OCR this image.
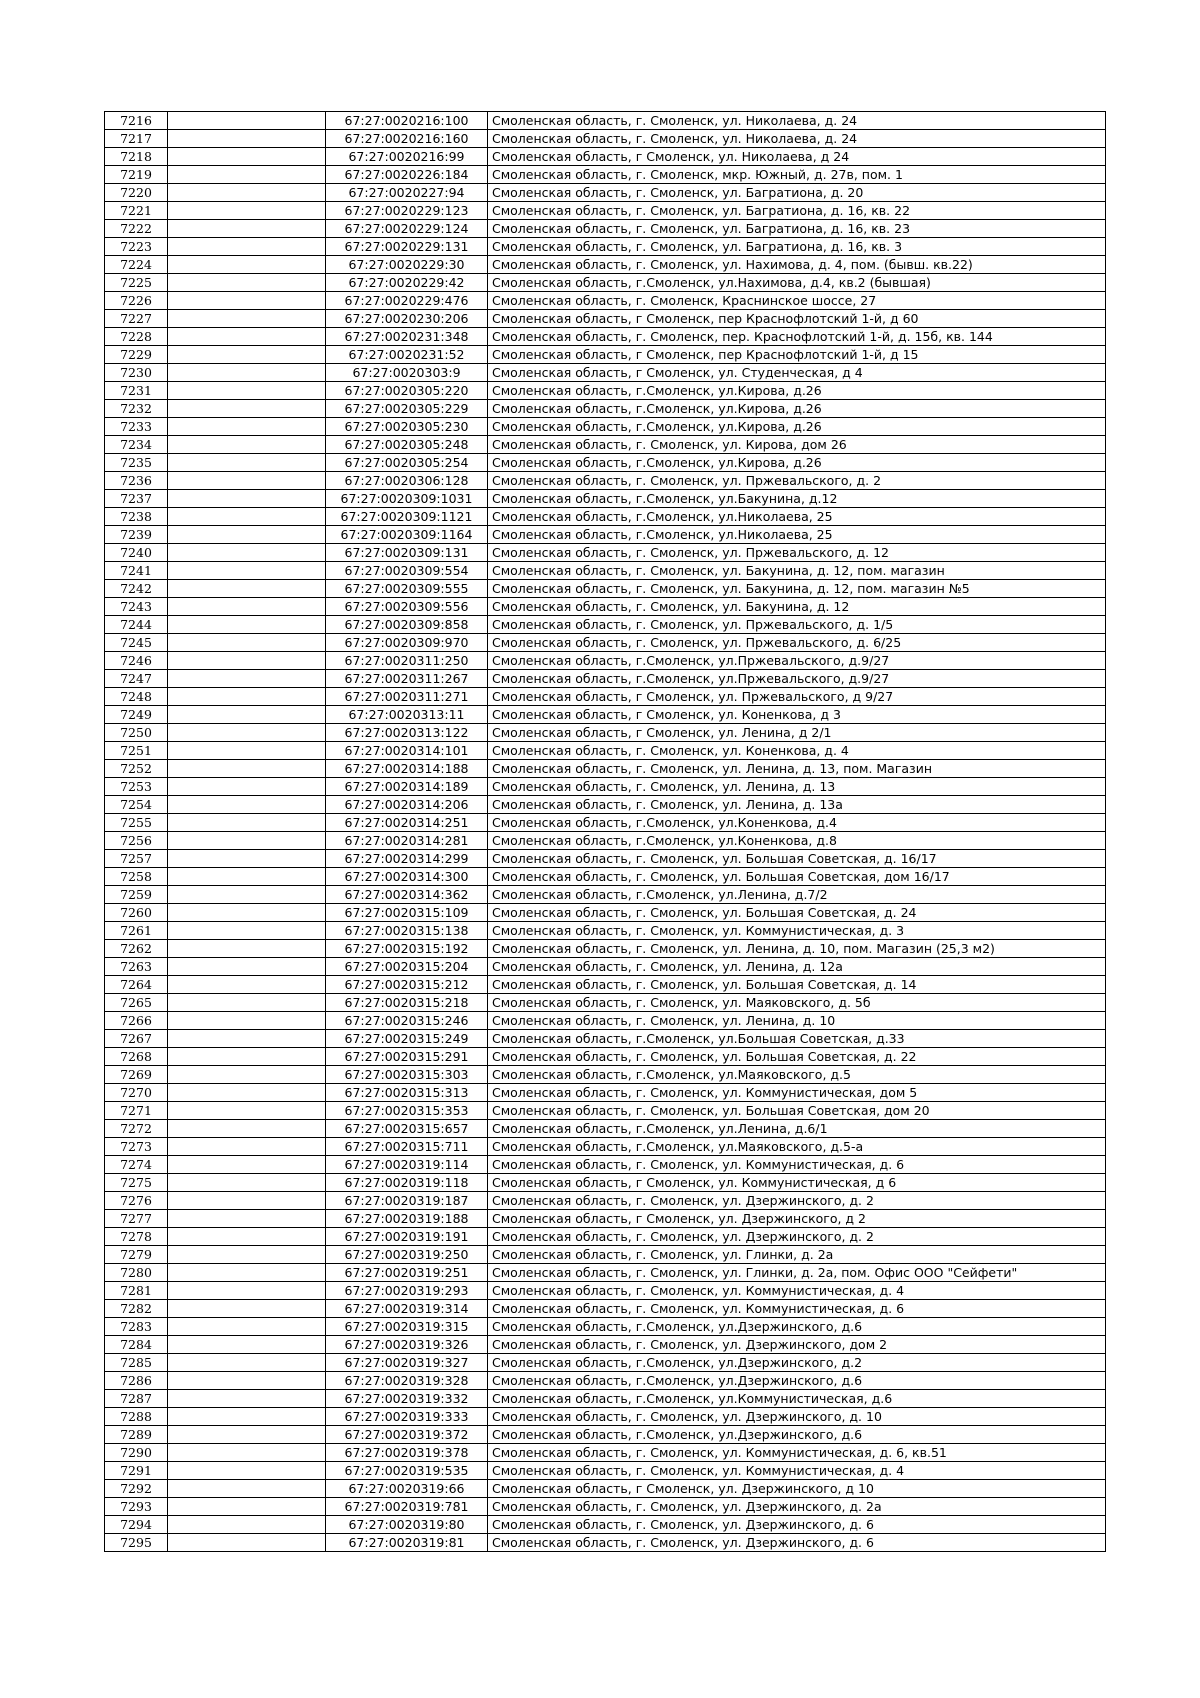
7216		67:27:0020216:100	Смоленская область, г. Смоленск, ул. Николаева, д. 24
7217		67:27:0020216:160	Смоленская область, г. Смоленск, ул. Николаева, д. 24
7218		67:27:0020216:99	Смоленская область, г Смоленск, ул. Николаева, д 24
7219		67:27:0020226:184	Смоленская область, г. Смоленск, мкр. Южный, д. 27в, пом. 1
7220		67:27:0020227:94	Смоленская область, г. Смоленск, ул. Багратиона, д. 20
7221		67:27:0020229:123	Смоленская область, г. Смоленск, ул. Багратиона, д. 16, кв. 22
7222		67:27:0020229:124	Смоленская область, г. Смоленск, ул. Багратиона, д. 16, кв. 23
7223		67:27:0020229:131	Смоленская область, г. Смоленск, ул. Багратиона, д. 16, кв. 3
7224		67:27:0020229:30	Смоленская область, г. Смоленск, ул. Нахимова, д. 4, пом. (бывш. кв.22)
7225		67:27:0020229:42	Смоленская область, г.Смоленск, ул.Нахимова, д.4, кв.2 (бывшая)
7226		67:27:0020229:476	Смоленская область, г. Смоленск, Краснинское шоссе, 27
7227		67:27:0020230:206	Смоленская область, г Смоленск, пер Краснофлотский 1-й, д 60
7228		67:27:0020231:348	Смоленская область, г. Смоленск, пер. Краснофлотский 1-й, д. 15б, кв. 144
7229		67:27:0020231:52	Смоленская область, г Смоленск, пер Краснофлотский 1-й, д 15
7230		67:27:0020303:9	Смоленская область, г Смоленск, ул. Студенческая, д 4
7231		67:27:0020305:220	Смоленская область, г.Смоленск, ул.Кирова, д.26
7232		67:27:0020305:229	Смоленская область, г.Смоленск, ул.Кирова, д.26
7233		67:27:0020305:230	Смоленская область, г.Смоленск, ул.Кирова, д.26
7234		67:27:0020305:248	Смоленская область, г. Смоленск, ул. Кирова, дом 26
7235		67:27:0020305:254	Смоленская область, г.Смоленск, ул.Кирова, д.26
7236		67:27:0020306:128	Смоленская область, г. Смоленск, ул. Пржевальского, д. 2
7237		67:27:0020309:1031	Смоленская область, г.Смоленск, ул.Бакунина, д.12
7238		67:27:0020309:1121	Смоленская область, г.Смоленск, ул.Николаева, 25
7239		67:27:0020309:1164	Смоленская область, г.Смоленск, ул.Николаева, 25
7240		67:27:0020309:131	Смоленская область, г. Смоленск, ул. Пржевальского, д. 12
7241		67:27:0020309:554	Смоленская область, г. Смоленск, ул. Бакунина, д. 12, пом. магазин
7242		67:27:0020309:555	Смоленская область, г. Смоленск, ул. Бакунина, д. 12, пом. магазин №5
7243		67:27:0020309:556	Смоленская область, г. Смоленск, ул. Бакунина, д. 12
7244		67:27:0020309:858	Смоленская область, г. Смоленск, ул. Пржевальского, д. 1/5
7245		67:27:0020309:970	Смоленская область, г. Смоленск, ул. Пржевальского, д. 6/25
7246		67:27:0020311:250	Смоленская область, г.Смоленск, ул.Пржевальского, д.9/27
7247		67:27:0020311:267	Смоленская область, г.Смоленск, ул.Пржевальского, д.9/27
7248		67:27:0020311:271	Смоленская область, г Смоленск, ул. Пржевальского, д 9/27
7249		67:27:0020313:11	Смоленская область, г Смоленск, ул. Коненкова, д 3
7250		67:27:0020313:122	Смоленская область, г Смоленск, ул. Ленина, д 2/1
7251		67:27:0020314:101	Смоленская область, г. Смоленск, ул. Коненкова, д. 4
7252		67:27:0020314:188	Смоленская область, г. Смоленск, ул. Ленина, д. 13, пом. Магазин
7253		67:27:0020314:189	Смоленская область, г. Смоленск, ул. Ленина, д. 13
7254		67:27:0020314:206	Смоленская область, г. Смоленск, ул. Ленина, д. 13а
7255		67:27:0020314:251	Смоленская область, г.Смоленск, ул.Коненкова, д.4
7256		67:27:0020314:281	Смоленская область, г.Смоленск, ул.Коненкова, д.8
7257		67:27:0020314:299	Смоленская область, г. Смоленск, ул. Большая Советская, д. 16/17
7258		67:27:0020314:300	Смоленская область, г. Смоленск, ул. Большая Советская, дом 16/17
7259		67:27:0020314:362	Смоленская область, г.Смоленск, ул.Ленина, д.7/2
7260		67:27:0020315:109	Смоленская область, г. Смоленск, ул. Большая Советская, д. 24
7261		67:27:0020315:138	Смоленская область, г. Смоленск, ул. Коммунистическая, д. 3
7262		67:27:0020315:192	Смоленская область, г. Смоленск, ул. Ленина, д. 10, пом. Магазин (25,3 м2)
7263		67:27:0020315:204	Смоленская область, г. Смоленск, ул. Ленина, д. 12а
7264		67:27:0020315:212	Смоленская область, г. Смоленск, ул. Большая Советская, д. 14
7265		67:27:0020315:218	Смоленская область, г. Смоленск, ул. Маяковского, д. 5б
7266		67:27:0020315:246	Смоленская область, г. Смоленск, ул. Ленина, д. 10
7267		67:27:0020315:249	Смоленская область, г.Смоленск, ул.Большая Советская, д.33
7268		67:27:0020315:291	Смоленская область, г. Смоленск, ул. Большая Советская, д. 22
7269		67:27:0020315:303	Смоленская область, г.Смоленск, ул.Маяковского, д.5
7270		67:27:0020315:313	Смоленская область, г. Смоленск, ул. Коммунистическая, дом 5
7271		67:27:0020315:353	Смоленская область, г. Смоленск, ул. Большая Советская, дом 20
7272		67:27:0020315:657	Смоленская область, г.Смоленск, ул.Ленина, д.6/1
7273		67:27:0020315:711	Смоленская область, г.Смоленск, ул.Маяковского, д.5-а
7274		67:27:0020319:114	Смоленская область, г. Смоленск, ул. Коммунистическая, д. 6
7275		67:27:0020319:118	Смоленская область, г Смоленск, ул. Коммунистическая, д 6
7276		67:27:0020319:187	Смоленская область, г. Смоленск, ул. Дзержинского, д. 2
7277		67:27:0020319:188	Смоленская область, г Смоленск, ул. Дзержинского, д 2
7278		67:27:0020319:191	Смоленская область, г. Смоленск, ул. Дзержинского, д. 2
7279		67:27:0020319:250	Смоленская область, г. Смоленск, ул. Глинки, д. 2а
7280		67:27:0020319:251	Смоленская область, г. Смоленск, ул. Глинки, д. 2а, пом. Офис ООО "Сейфети"
7281		67:27:0020319:293	Смоленская область, г. Смоленск, ул. Коммунистическая, д. 4
7282		67:27:0020319:314	Смоленская область, г. Смоленск, ул. Коммунистическая, д. 6
7283		67:27:0020319:315	Смоленская область, г.Смоленск, ул.Дзержинского, д.6
7284		67:27:0020319:326	Смоленская область, г. Смоленск, ул. Дзержинского, дом 2
7285		67:27:0020319:327	Смоленская область, г.Смоленск, ул.Дзержинского, д.2
7286		67:27:0020319:328	Смоленская область, г.Смоленск, ул.Дзержинского, д.6
7287		67:27:0020319:332	Смоленская область, г.Смоленск, ул.Коммунистическая, д.6
7288		67:27:0020319:333	Смоленская область, г. Смоленск, ул. Дзержинского, д. 10
7289		67:27:0020319:372	Смоленская область, г.Смоленск, ул.Дзержинского, д.6
7290		67:27:0020319:378	Смоленская область, г. Смоленск, ул. Коммунистическая, д. 6, кв.51
7291		67:27:0020319:535	Смоленская область, г. Смоленск, ул. Коммунистическая, д. 4
7292		67:27:0020319:66	Смоленская область, г Смоленск, ул. Дзержинского, д 10
7293		67:27:0020319:781	Смоленская область, г. Смоленск, ул. Дзержинского, д. 2а
7294		67:27:0020319:80	Смоленская область, г. Смоленск, ул. Дзержинского, д. 6
7295		67:27:0020319:81	Смоленская область, г. Смоленск, ул. Дзержинского, д. 6
